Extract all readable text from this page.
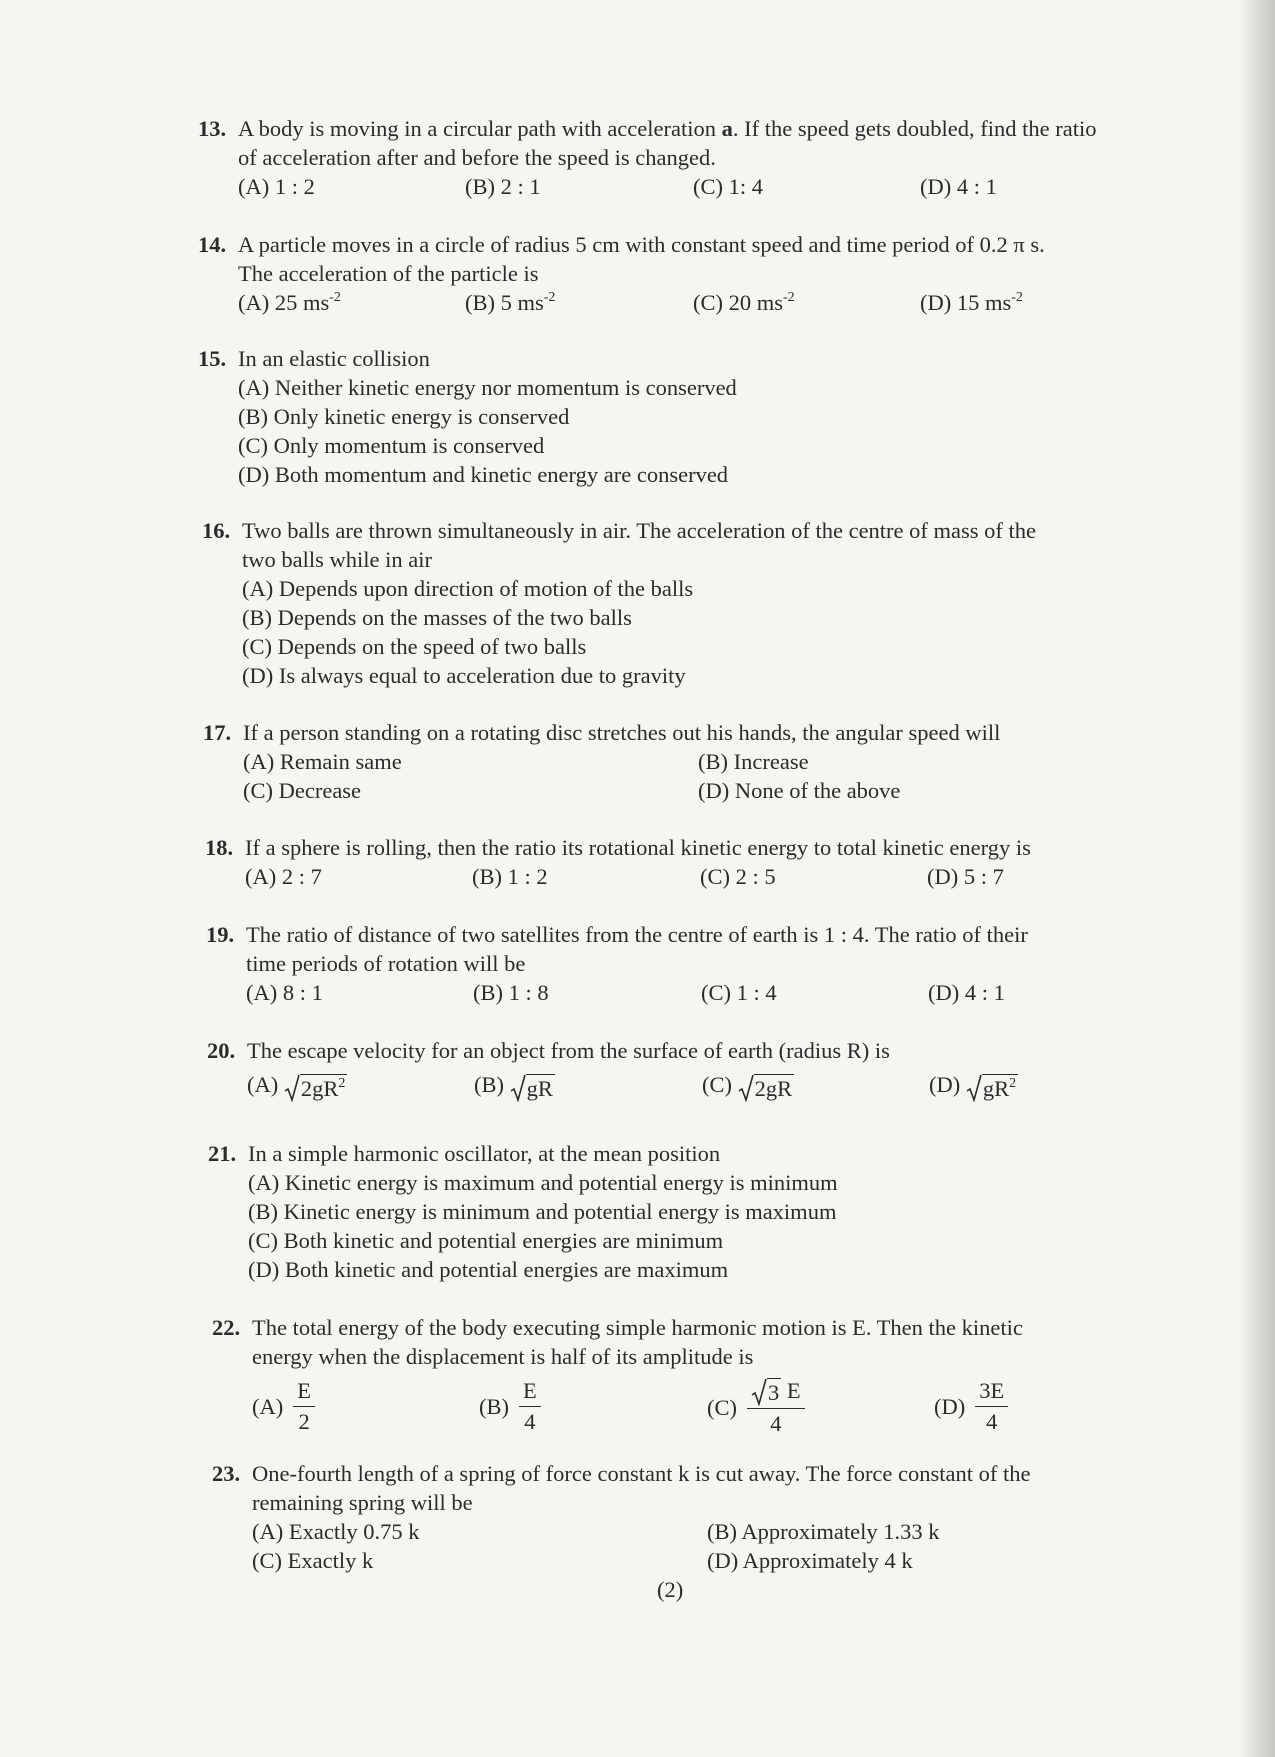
13. A body is moving in a circular path with acceleration a. If the speed gets doubled, find the ratio of acceleration after and before the speed is changed.
(A) 1 : 2	(B) 2 : 1	(C) 1: 4	(D) 4 : 1
14. A particle moves in a circle of radius 5 cm with constant speed and time period of 0.2 π s.
The acceleration of the particle is
(A) 25 $ms^{-2}$	(B) 5 $ms^{-2}$	(C) 20 $ms^{-2}$	(D) 15 $ms^{-2}$
15. In an elastic collision
(A) Neither kinetic energy nor momentum is conserved
(B) Only kinetic energy is conserved
(C) Only momentum is conserved
(D) Both momentum and kinetic energy are conserved
16. Two balls are thrown simultaneously in air. The acceleration of the centre of mass of the
two balls while in air
(A) Depends upon direction of motion of the balls
(B) Depends on the masses of the two balls
(C) Depends on the speed of two balls
(D) Is always equal to acceleration due to gravity
17. If a person standing on a rotating disc stretches out his hands, the angular speed will
(A) Remain same	(B) Increase
(C) Decrease	(D) None of the above
18. If a sphere is rolling, then the ratio its rotational kinetic energy to total kinetic energy is
(A) 2 : 7	(B) 1 : 2	(C) 2 : 5	(D) 5 : 7
19. The ratio of distance of two satellites from the centre of earth is 1 : 4. The ratio of their
time periods of rotation will be
(A) 8 : 1	(B) 1 : 8	(C) 1 : 4	(D) 4 : 1
20. The escape velocity for an object from the surface of earth (radius R) is
(A) $2gR^2$	(B) gR	(C) 2gR	(D) $gR^2$
21. In a simple harmonic oscillator, at the mean position
(A) Kinetic energy is maximum and potential energy is minimum
(B) Kinetic energy is minimum and potential energy is maximum
(C) Both kinetic and potential energies are minimum
(D) Both kinetic and potential energies are maximum
22. The total energy of the body executing simple harmonic motion is E. Then the kinetic
energy when the displacement is half of its amplitude is
$(A) \frac{E}{2}$	$(B) \frac{E}{4}$	$(C) \frac{3 E}{4}$	$(D) \frac{3E}{4}$
23. One-fourth length of a spring of force constant k is cut away. The force constant of the
remaining spring will be
(A) Exactly 0.75 k	(B) Approximately 1.33 k
(C) Exactly k	(D) Approximately 4 k
(2)
